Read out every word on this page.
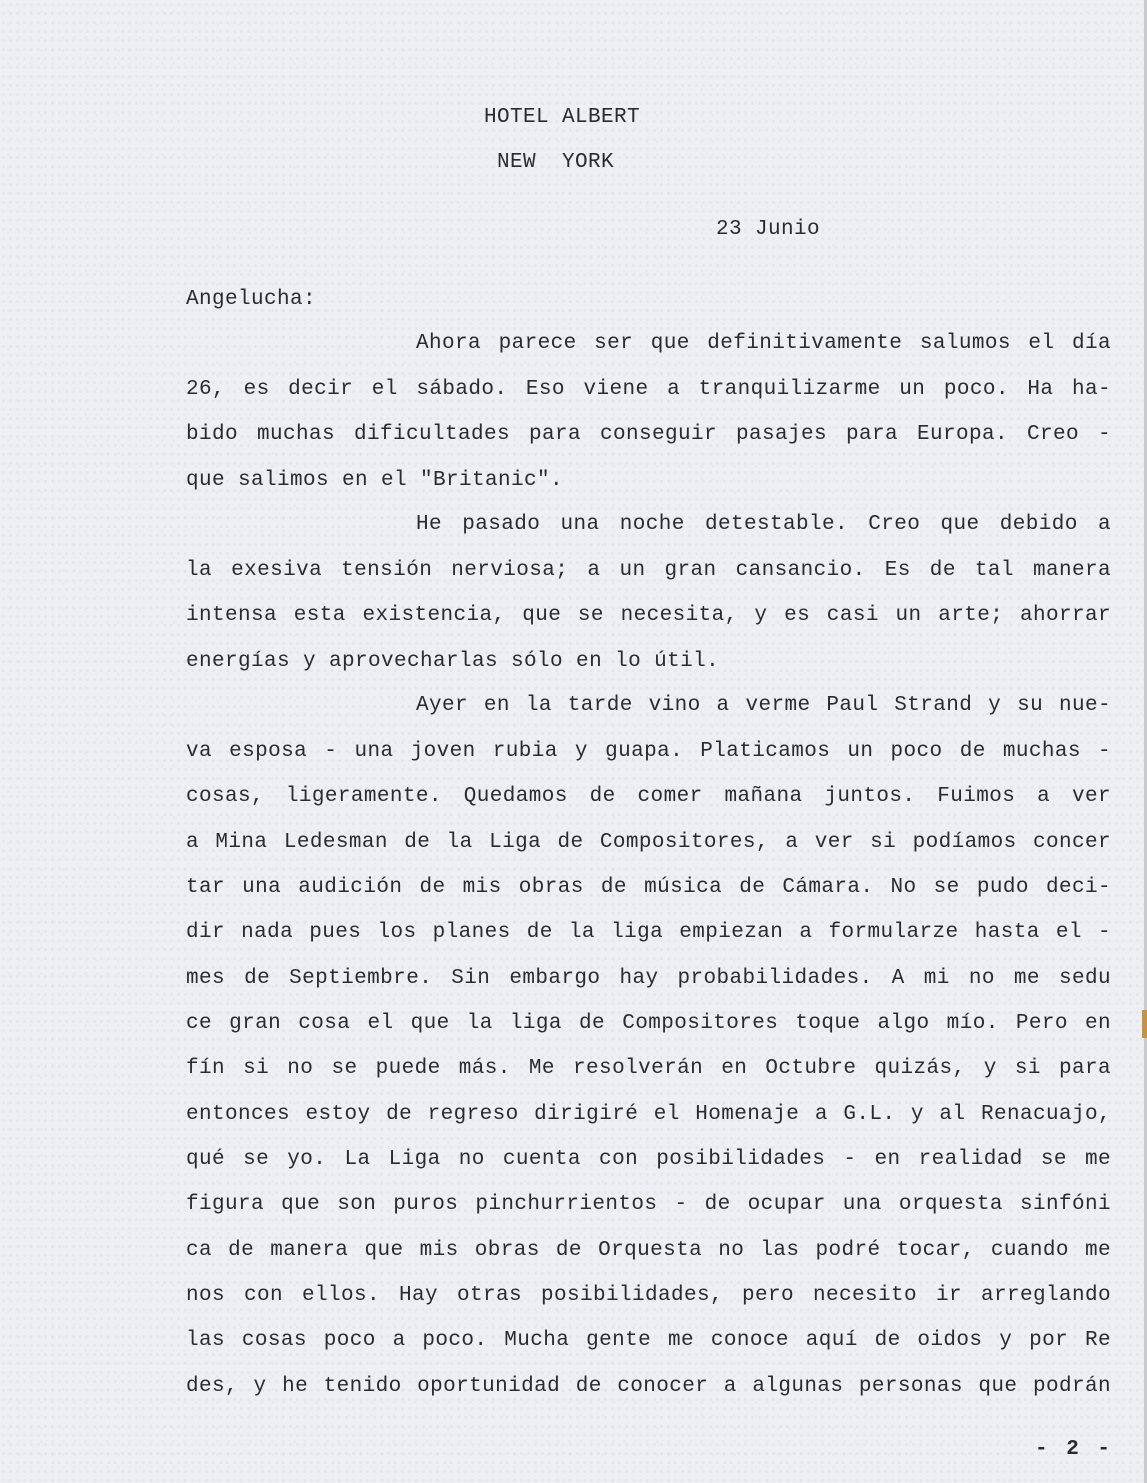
HOTEL ALBERT
NEW  YORK
23 Junio
Angelucha:
Ahora parece ser que definitivamente salumos el día
26, es decir el sábado. Eso viene a tranquilizarme un poco. Ha ha-
bido muchas dificultades para conseguir pasajes para Europa. Creo -
que salimos en el "Britanic".
He pasado una noche detestable. Creo que debido a
la exesiva tensión nerviosa; a un gran cansancio. Es de tal manera
intensa esta existencia, que se necesita, y es casi un arte; ahorrar
energías y aprovecharlas sólo en lo útil.
Ayer en la tarde vino a verme Paul Strand y su nue-
va esposa - una joven rubia y guapa. Platicamos un poco de muchas -
cosas, ligeramente. Quedamos de comer mañana juntos. Fuimos a ver
a Mina Ledesman de la Liga de Compositores, a ver si podíamos concer
tar una audición de mis obras de música de Cámara. No se pudo deci-
dir nada pues los planes de la liga empiezan a formularze hasta el -
mes de Septiembre. Sin embargo hay probabilidades. A mi no me sedu
ce gran cosa el que la liga de Compositores toque algo mío. Pero en
fín si no se puede más. Me resolverán en Octubre quizás, y si para
entonces estoy de regreso dirigiré el Homenaje a G.L. y al Renacuajo,
qué se yo. La Liga no cuenta con posibilidades - en realidad se me
figura que son puros pinchurrientos - de ocupar una orquesta sinfóni
ca de manera que mis obras de Orquesta no las podré tocar, cuando me
nos con ellos. Hay otras posibilidades, pero necesito ir arreglando
las cosas poco a poco. Mucha gente me conoce aquí de oidos y por Re
des, y he tenido oportunidad de conocer a algunas personas que podrán
- 2 -
